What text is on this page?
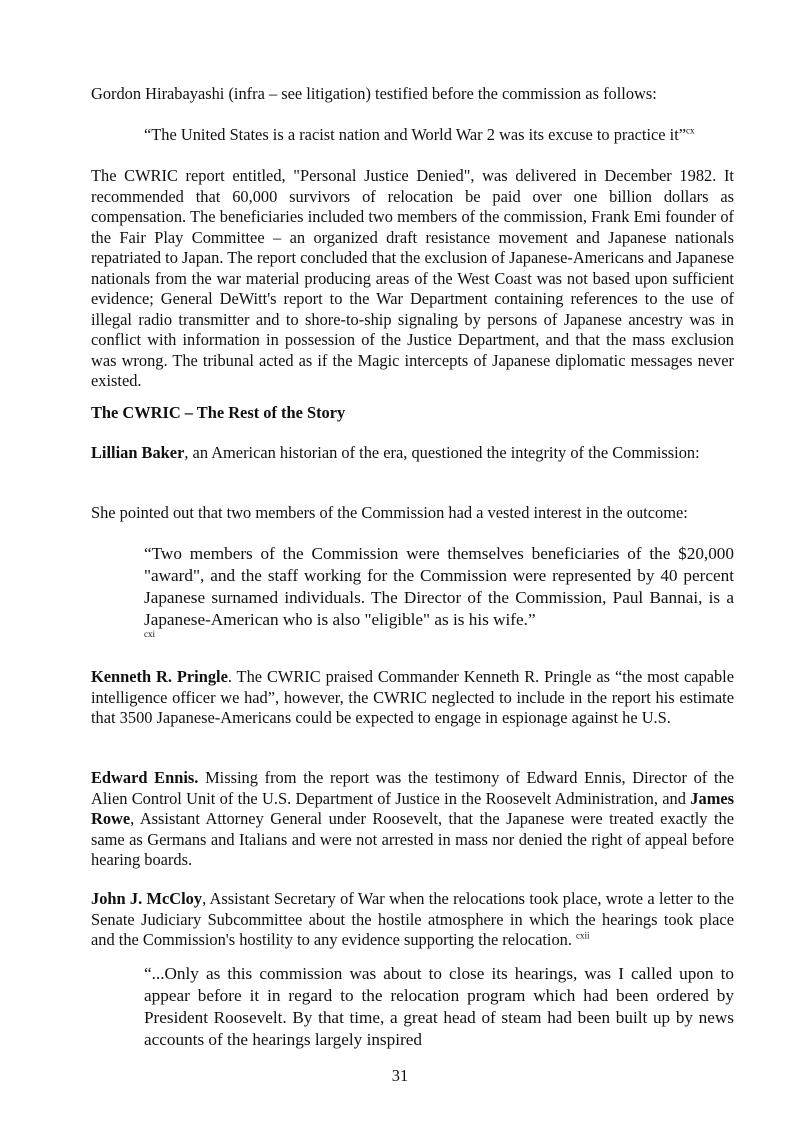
Gordon Hirabayashi (infra – see litigation) testified before the commission as follows:

“The United States is a racist nation and World War 2 was its excuse to practice it”$^{cx}$

The CWRIC report entitled, "Personal Justice Denied", was delivered in December 1982. It recommended that 60,000 survivors of relocation be paid over one billion dollars as compensation. The beneficiaries included two members of the commission, Frank Emi founder of the Fair Play Committee – an organized draft resistance movement and Japanese nationals repatriated to Japan. The report concluded that the exclusion of Japanese-Americans and Japanese nationals from the war material producing areas of the West Coast was not based upon sufficient evidence; General DeWitt's report to the War Department containing references to the use of illegal radio transmitter and to shore-to-ship signaling by persons of Japanese ancestry was in conflict with information in possession of the Justice Department, and that the mass exclusion was wrong. The tribunal acted as if the Magic intercepts of Japanese diplomatic messages never existed.

The CWRIC – The Rest of the Story

Lillian Baker, an American historian of the era, questioned the integrity of the Commission:

She pointed out that two members of the Commission had a vested interest in the outcome:

“Two members of the Commission were themselves beneficiaries of the $20,000 "award", and the staff working for the Commission were represented by 40 percent Japanese surnamed individuals. The Director of the Commission, Paul Bannai, is a Japanese-American who is also "eligible" as is his wife.”

cxi

Kenneth R. Pringle. The CWRIC praised Commander Kenneth R. Pringle as “the most capable intelligence officer we had”, however, the CWRIC neglected to include in the report his estimate that 3500 Japanese-Americans could be expected to engage in espionage against he U.S.

Edward Ennis. Missing from the report was the testimony of Edward Ennis, Director of the Alien Control Unit of the U.S. Department of Justice in the Roosevelt Administration, and James Rowe, Assistant Attorney General under Roosevelt, that the Japanese were treated exactly the same as Germans and Italians and were not arrested in mass nor denied the right of appeal before hearing boards.

John J. McCloy, Assistant Secretary of War when the relocations took place, wrote a letter to the Senate Judiciary Subcommittee about the hostile atmosphere in which the hearings took place and the Commission's hostility to any evidence supporting the relocation. $^{cxii}$

“...Only as this commission was about to close its hearings, was I called upon to appear before it in regard to the relocation program which had been ordered by President Roosevelt. By that time, a great head of steam had been built up by news accounts of the hearings largely inspired

31
